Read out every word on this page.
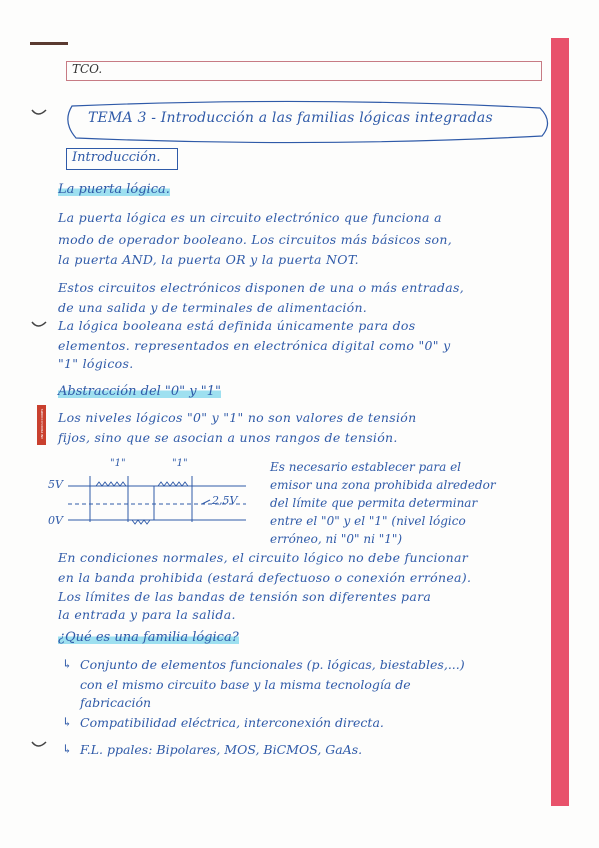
TCO.
TEMA 3 - Introducción a las familias lógicas integradas
Introducción.
La puerta lógica.
La puerta lógica es un circuito electrónico que funciona a
modo de operador booleano. Los circuitos más básicos son,
la puerta AND, la puerta OR y la puerta NOT.
Estos circuitos electrónicos disponen de una o más entradas,
de una salida y de terminales de alimentación.
La lógica booleana está definida únicamente para dos
elementos. representados en electrónica digital como "0" y
"1" lógicos.
Abstracción del "0" y "1"
UNI PRODUCCIONES Los niveles lógicos "0" y "1" no son valores de tensión
fijos, sino que se asocian a unos rangos de tensión.
5V
0V
2,5V
"1"	"1"	Es necesario establecer para el
emisor una zona prohibida alrededor
del límite que permita determinar
entre el "0" y el "1" (nivel lógico
erróneo, ni "0" ni "1")
En condiciones normales, el circuito lógico no debe funcionar
en la banda prohibida (estará defectuoso o conexión errónea).
Los límites de las bandas de tensión son diferentes para
la entrada y para la salida.
¿Qué es una familia lógica?
↳ Conjunto de elementos funcionales (p. lógicas, biestables,...)
con el mismo circuito base y la misma tecnología de
fabricación
↳ Compatibilidad eléctrica, interconexión directa.
↳ F.L. ppales: Bipolares, MOS, BiCMOS, GaAs.
